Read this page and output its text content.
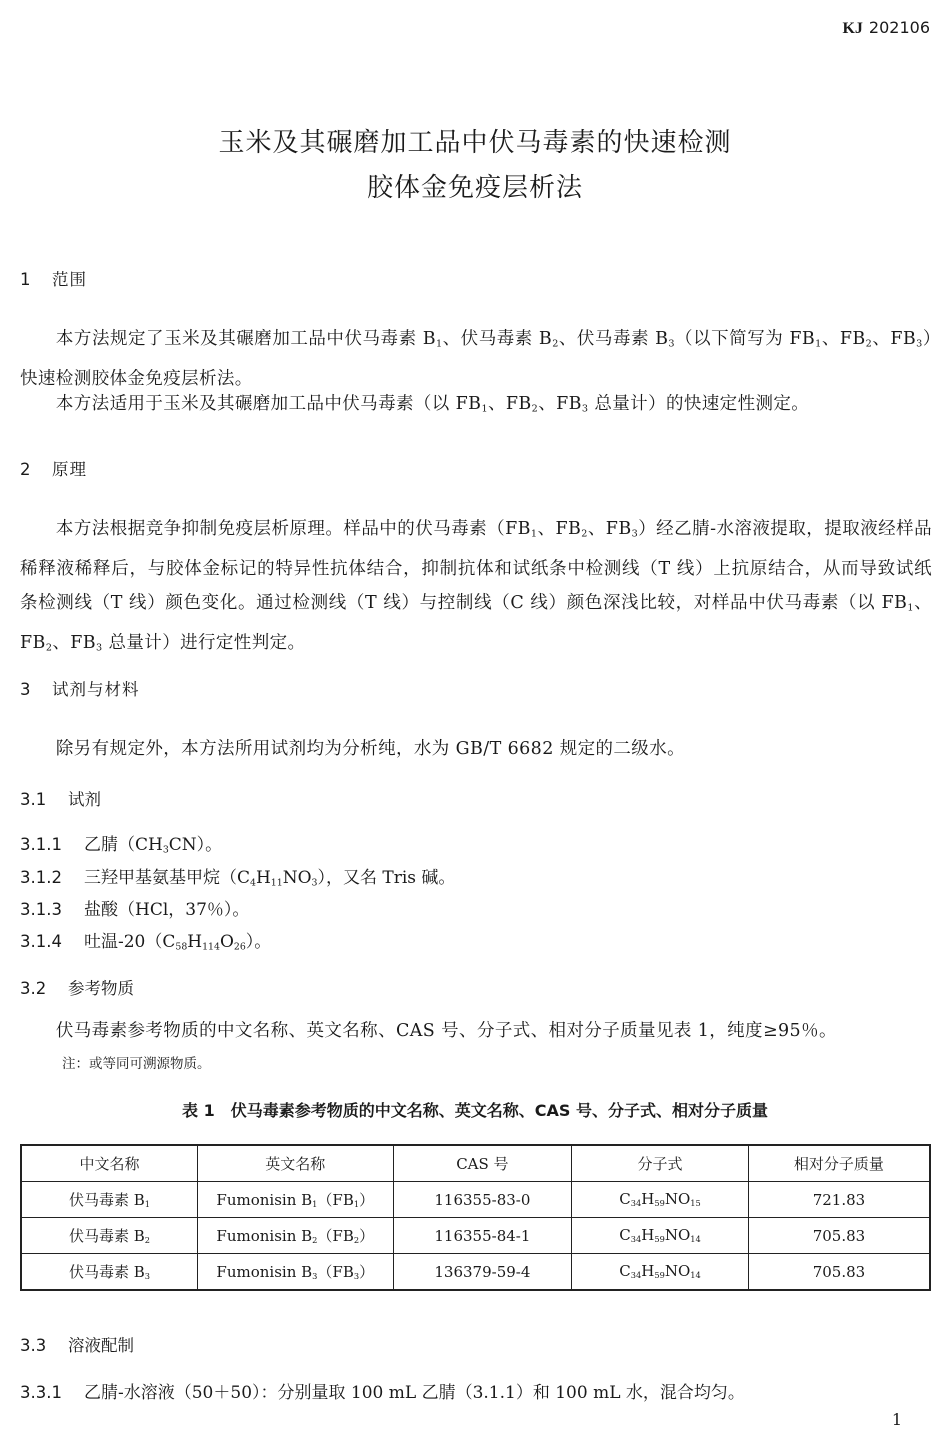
KJ 202106
玉米及其碾磨加工品中伏马毒素的快速检测
胶体金免疫层析法
1 范围

本方法规定了玉米及其碾磨加工品中伏马毒素 $B_1$、伏马毒素 $B_2$、伏马毒素 $B_3$（以下简写为 $FB_1$、$FB_2$、$FB_3$）快速检测胶体金免疫层析法。

本方法适用于玉米及其碾磨加工品中伏马毒素（以 $FB_1$、$FB_2$、$FB_3$ 总量计）的快速定性测定。

2 原理

本方法根据竞争抑制免疫层析原理。样品中的伏马毒素（$FB_1$、$FB_2$、$FB_3$）经乙腈-水溶液提取，提取液经样品稀释液稀释后，与胶体金标记的特异性抗体结合，抑制抗体和试纸条中检测线（T 线）上抗原结合，从而导致试纸条检测线（T 线）颜色变化。通过检测线（T 线）与控制线（C 线）颜色深浅比较，对样品中伏马毒素（以 $FB_1$、$FB_2$、$FB_3$ 总量计）进行定性判定。

3 试剂与材料

除另有规定外，本方法所用试剂均为分析纯，水为 GB/T 6682 规定的二级水。

3.1 试剂
3.1.1 乙腈$(CH_3CN)$。
3.1.2 三羟甲基氨基甲烷$(C_4H_{11}NO_3)$，又名 Tris 碱。
3.1.3 盐酸（HCl，37％）。
3.1.4 吐温$-20(C_{58}H_{114}O_{26})$。
3.2 参考物质

伏马毒素参考物质的中文名称、英文名称、CAS 号、分子式、相对分子质量见表 1，纯度≥95％。

注：或等同可溯源物质。
表 1　伏马毒素参考物质的中文名称、英文名称、CAS 号、分子式、相对分子质量
中文名称	英文名称	CAS 号	分子式	相对分子质量
伏马毒素 $B_1$	Fumonisin $B_1(FB_1)$	116355-83-0	$C_{34}H_{59}NO_{15}$	721.83
伏马毒素 $B_2$	Fumonisin $B_2(FB_2)$	116355-84-1	$C_{34}H_{59}NO_{14}$	705.83
伏马毒素 $B_3$	Fumonisin $B_3(FB_3)$	136379-59-4	$C_{34}H_{59}NO_{14}$	705.83
3.3 溶液配制
3.3.1 乙腈-水溶液（50＋50）：分别量取 100 mL 乙腈（3.1.1）和 100 mL 水，混合均匀。
1
